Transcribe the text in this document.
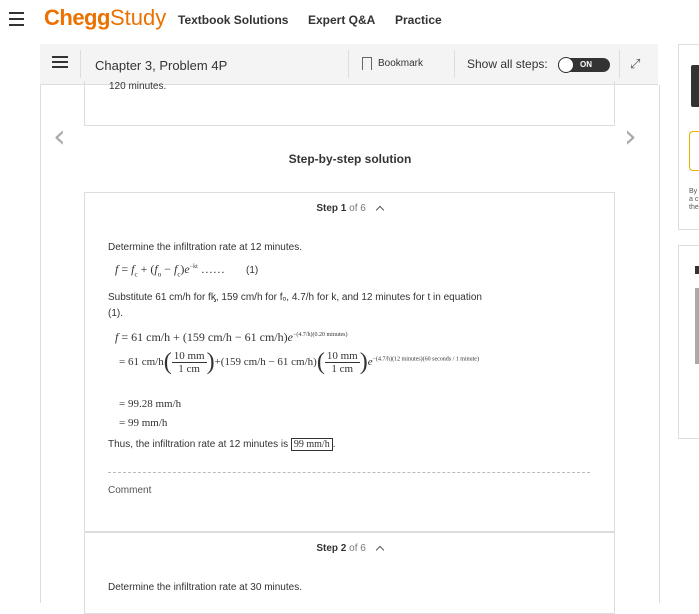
CheggStudy Textbook Solutions Expert Q&A Practice
Chapter 3, Problem 4P	Bookmark	Show all steps:	ON	⤢
By a c the
120 minutes.
‹	›
Step-by-step solution
Step 1 of 6
Determine the infiltration rate at 12 minutes.
$f = f_c + (f_o - f_c)e^{-kt}$ …… (1)
Substitute 61 cm/h for fᶄ, 159 cm/h for fₒ, 4.7/h for k, and 12 minutes for t in equation
(1).
f = 61 cm/h + (159 cm/h − 61 $cm/h)e^{-(4.7/h)(0.20 minutes)}$
= 61 $cm/h( \frac{10 mm}{1 cm} )+(159$ cm/h − 61 $cm/h)( \frac{10 mm}{1 cm} )e^{-(4.7/h)(12 minutes)(60 seconds / 1 minute)}$
= 99.28 mm/h
= 99 mm/h
Thus, the infiltration rate at 12 minutes is 99 mm/h .
Comment
Step 2 of 6
Determine the infiltration rate at 30 minutes.
